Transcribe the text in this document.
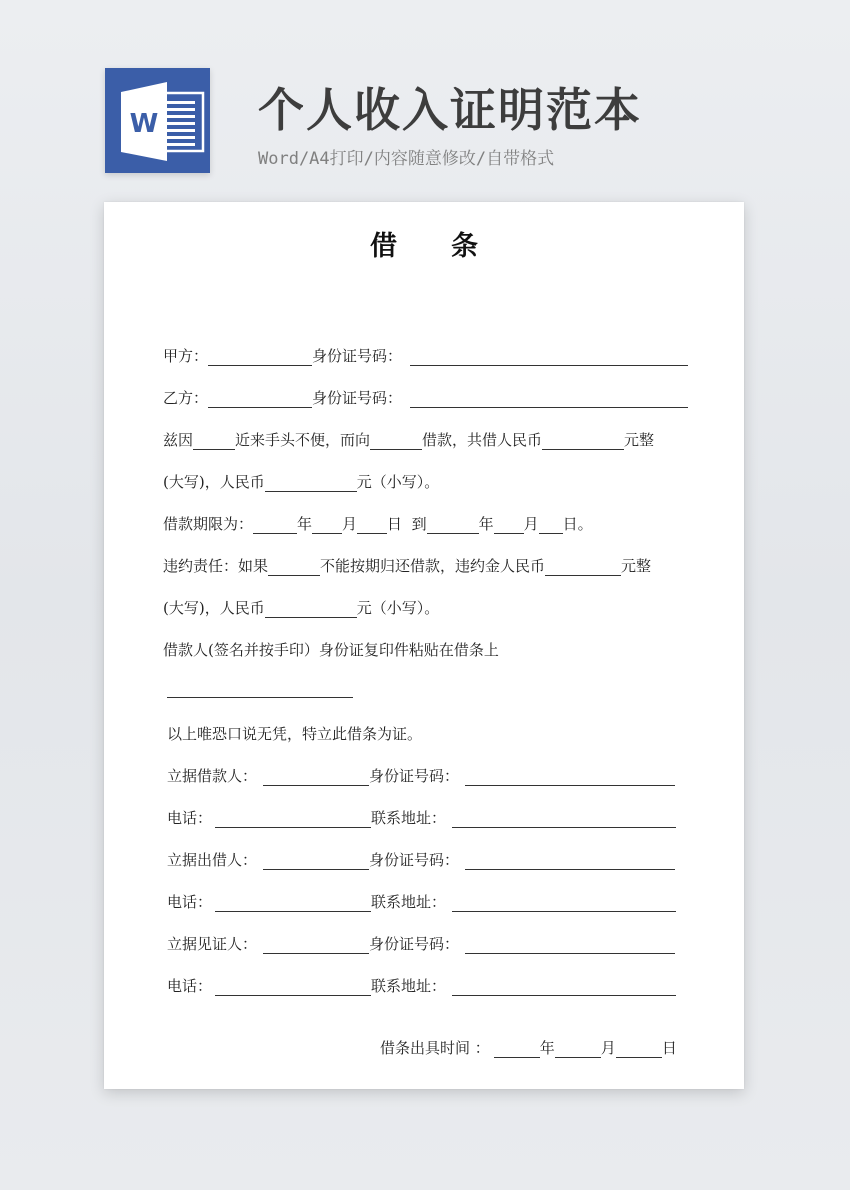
W 个人收入证明范本
Word/A4打印/内容随意修改/自带格式
借 条
甲方：	身份证号码：
乙方：	身份证号码：
兹因	近来手头不便，而向	借款，共借人民币	元整
(大写)，人民币	元（小写）。
借款期限为：	年 月 日  到	年 月 日。
违约责任：如果	不能按期归还借款，违约金人民币	元整
(大写)，人民币	元（小写）。
借款人(签名并按手印）身份证复印件粘贴在借条上
以上唯恐口说无凭，特立此借条为证。
立据借款人：	身份证号码：
电话：	联系地址：
立据出借人：	身份证号码：
电话：	联系地址：
立据见证人：	身份证号码：
电话：	联系地址：
借条出具时间 ：	年	月	日
